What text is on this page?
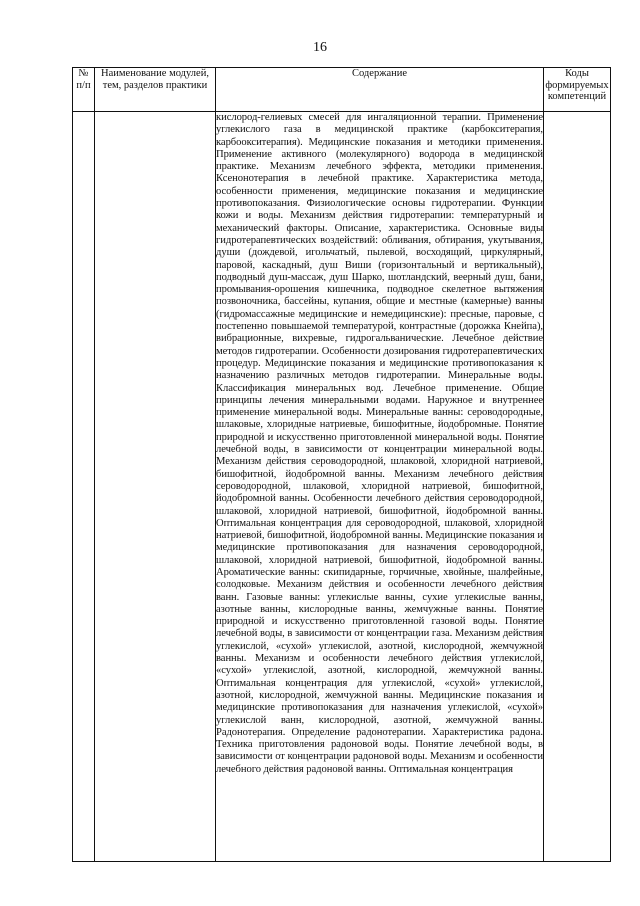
16
№ п/п	Наименование модулей, тем, разделов практики	Содержание	Коды формируемых компетенций
		кислород-гелиевых смесей для ингаляционной терапии. Применение углекислого газа в медицинской практике (карбокситерапия, карбоокситерапия). Медицинские показания и методики применения. Применение активного (молекулярного) водорода в медицинской практике. Механизм лечебного эффекта, методики применения. Ксенонотерапия в лечебной практике. Характеристика метода, особенности применения, медицинские показания и медицинские противопоказания. Физиологические основы гидротерапии. Функции кожи и воды. Механизм действия гидротерапии: температурный и механический факторы. Описание, характеристика. Основные виды гидротерапевтических воздействий: обливания, обтирания, укутывания, души (дождевой, игольчатый, пылевой, восходящий, циркулярный, паровой, каскадный, душ Виши (горизонтальный и вертикальный), подводный душ-массаж, душ Шарко, шотландский, веерный душ, бани, промывания-орошения кишечника, подводное скелетное вытяжения позвоночника, бассейны, купания, общие и местные (камерные) ванны (гидромассажные медицинские и немедицинские): пресные, паровые, с постепенно повышаемой температурой, контрастные (дорожка Кнейпа), вибрационные, вихревые, гидрогальванические. Лечебное действие методов гидротерапии. Особенности дозирования гидротерапевтических процедур. Медицинские показания и медицинские противопоказания к назначению различных методов гидротерапии. Минеральные воды. Классификация минеральных вод. Лечебное применение. Общие принципы лечения минеральными водами. Наружное и внутреннее применение минеральной воды. Минеральные ванны: сероводородные, шлаковые, хлоридные натриевые, бишофитные, йодобромные. Понятие природной и искусственно приготовленной минеральной воды. Понятие лечебной воды, в зависимости от концентрации минеральной воды. Механизм действия сероводородной, шлаковой, хлоридной натриевой, бишофитной, йодобромной ванны. Механизм лечебного действия сероводородной, шлаковой, хлоридной натриевой, бишофитной, йодобромной ванны. Особенности лечебного действия сероводородной, шлаковой, хлоридной натриевой, бишофитной, йодобромной ванны. Оптимальная концентрация для сероводородной, шлаковой, хлоридной натриевой, бишофитной, йодобромной ванны. Медицинские показания и медицинские противопоказания для назначения сероводородной, шлаковой, хлоридной натриевой, бишофитной, йодобромной ванны. Ароматические ванны: скипидарные, горчичные, хвойные, шалфейные, солодковые. Механизм действия и особенности лечебного действия ванн. Газовые ванны: углекислые ванны, сухие углекислые ванны, азотные ванны, кислородные ванны, жемчужные ванны. Понятие природной и искусственно приготовленной газовой воды. Понятие лечебной воды, в зависимости от концентрации газа. Механизм действия углекислой, «сухой» углекислой, азотной, кислородной, жемчужной ванны. Механизм и особенности лечебного действия углекислой, «сухой» углекислой, азотной, кислородной, жемчужной ванны. Оптимальная концентрация для углекислой, «сухой» углекислой, азотной, кислородной, жемчужной ванны. Медицинские показания и медицинские противопоказания для назначения углекислой, «сухой» углекислой ванн, кислородной, азотной, жемчужной ванны. Радонотерапия. Определение радонотерапии. Характеристика радона. Техника приготовления радоновой воды. Понятие лечебной воды, в зависимости от концентрации радоновой воды. Механизм и особенности лечебного действия радоновой ванны. Оптимальная концентрация	
